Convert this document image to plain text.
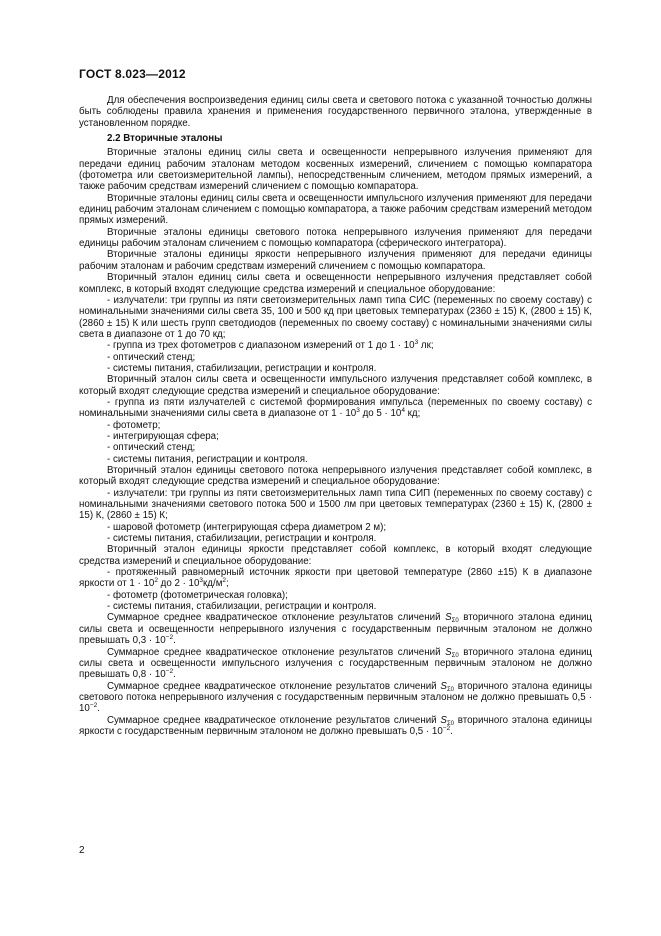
ГОСТ 8.023—2012

Для обеспечения воспроизведения единиц силы света и светового потока с указанной точностью должны быть соблюдены правила хранения и применения государственного первичного эталона, утвержденные в установленном порядке.

2.2 Вторичные эталоны

Вторичные эталоны единиц силы света и освещенности непрерывного излучения применяют для передачи единиц рабочим эталонам методом косвенных измерений, сличением с помощью компаратора (фотометра или светоизмерительной лампы), непосредственным сличением, методом прямых измерений, а также рабочим средствам измерений сличением с помощью компаратора.

Вторичные эталоны единиц силы света и освещенности импульсного излучения применяют для передачи единиц рабочим эталонам сличением с помощью компаратора, а также рабочим средствам измерений методом прямых измерений.

Вторичные эталоны единицы светового потока непрерывного излучения применяют для передачи единицы рабочим эталонам сличением с помощью компаратора (сферического интегратора).

Вторичные эталоны единицы яркости непрерывного излучения применяют для передачи единицы рабочим эталонам и рабочим средствам измерений сличением с помощью компаратора.

Вторичный эталон единиц силы света и освещенности непрерывного излучения представляет собой комплекс, в который входят следующие средства измерений и специальное оборудование:

- излучатели: три группы из пяти светоизмерительных ламп типа СИС (переменных по своему составу) с номинальными значениями силы света 35, 100 и 500 кд при цветовых температурах (2360 ± 15) К, (2800 ± 15) К, (2860 ± 15) К или шесть групп светодиодов (переменных по своему составу) с номинальными значениями силы света в диапазоне от 1 до 70 кд;

- группа из трех фотометров с диапазоном измерений от 1 до $1 \cdot 10^3$ лк;

- оптический стенд;

- системы питания, стабилизации, регистрации и контроля.

Вторичный эталон силы света и освещенности импульсного излучения представляет собой комплекс, в который входят следующие средства измерений и специальное оборудование:

- группа из пяти излучателей с системой формирования импульса (переменных по своему составу) с номинальными значениями силы света в диапазоне от $1 \cdot 10^3$ до $5 \cdot 10^4$ кд;

- фотометр;

- интегрирующая сфера;

- оптический стенд;

- системы питания, регистрации и контроля.

Вторичный эталон единицы светового потока непрерывного излучения представляет собой комплекс, в который входят следующие средства измерений и специальное оборудование:

- излучатели: три группы из пяти светоизмерительных ламп типа СИП (переменных по своему составу) с номинальными значениями светового потока 500 и 1500 лм при цветовых температурах (2360 ± 15) К, (2800 ± 15) К, (2860 ± 15) К;

- шаровой фотометр (интегрирующая сфера диаметром 2 м);

- системы питания, стабилизации, регистрации и контроля.

Вторичный эталон единицы яркости представляет собой комплекс, в который входят следующие средства измерений и специальное оборудование:

- протяженный равномерный источник яркости при цветовой температуре (2860 ±15) К в диапазоне яркости от $1 \cdot 10^2$ до $2 \cdot 10^3кд/м^2$;

- фотометр (фотометрическая головка);

- системы питания, стабилизации, регистрации и контроля.

Суммарное среднее квадратическое отклонение результатов сличений $S_{\Sigma 0}$ вторичного эталона единиц силы света и освещенности непрерывного излучения с государственным первичным эталоном не должно превышать $0,3 \cdot 10^{-2}$.

Суммарное среднее квадратическое отклонение результатов сличений $S_{\Sigma 0}$ вторичного эталона единиц силы света и освещенности импульсного излучения с государственным первичным эталоном не должно превышать $0,8 \cdot 10^{-2}$.

Суммарное среднее квадратическое отклонение результатов сличений $S_{\Sigma 0}$ вторичного эталона единицы светового потока непрерывного излучения с государственным первичным эталоном не должно превышать $0,5 \cdot 10^{-2}$.

Суммарное среднее квадратическое отклонение результатов сличений $S_{\Sigma 0}$ вторичного эталона единицы яркости с государственным первичным эталоном не должно превышать $0,5 \cdot 10^{-2}$.

2
